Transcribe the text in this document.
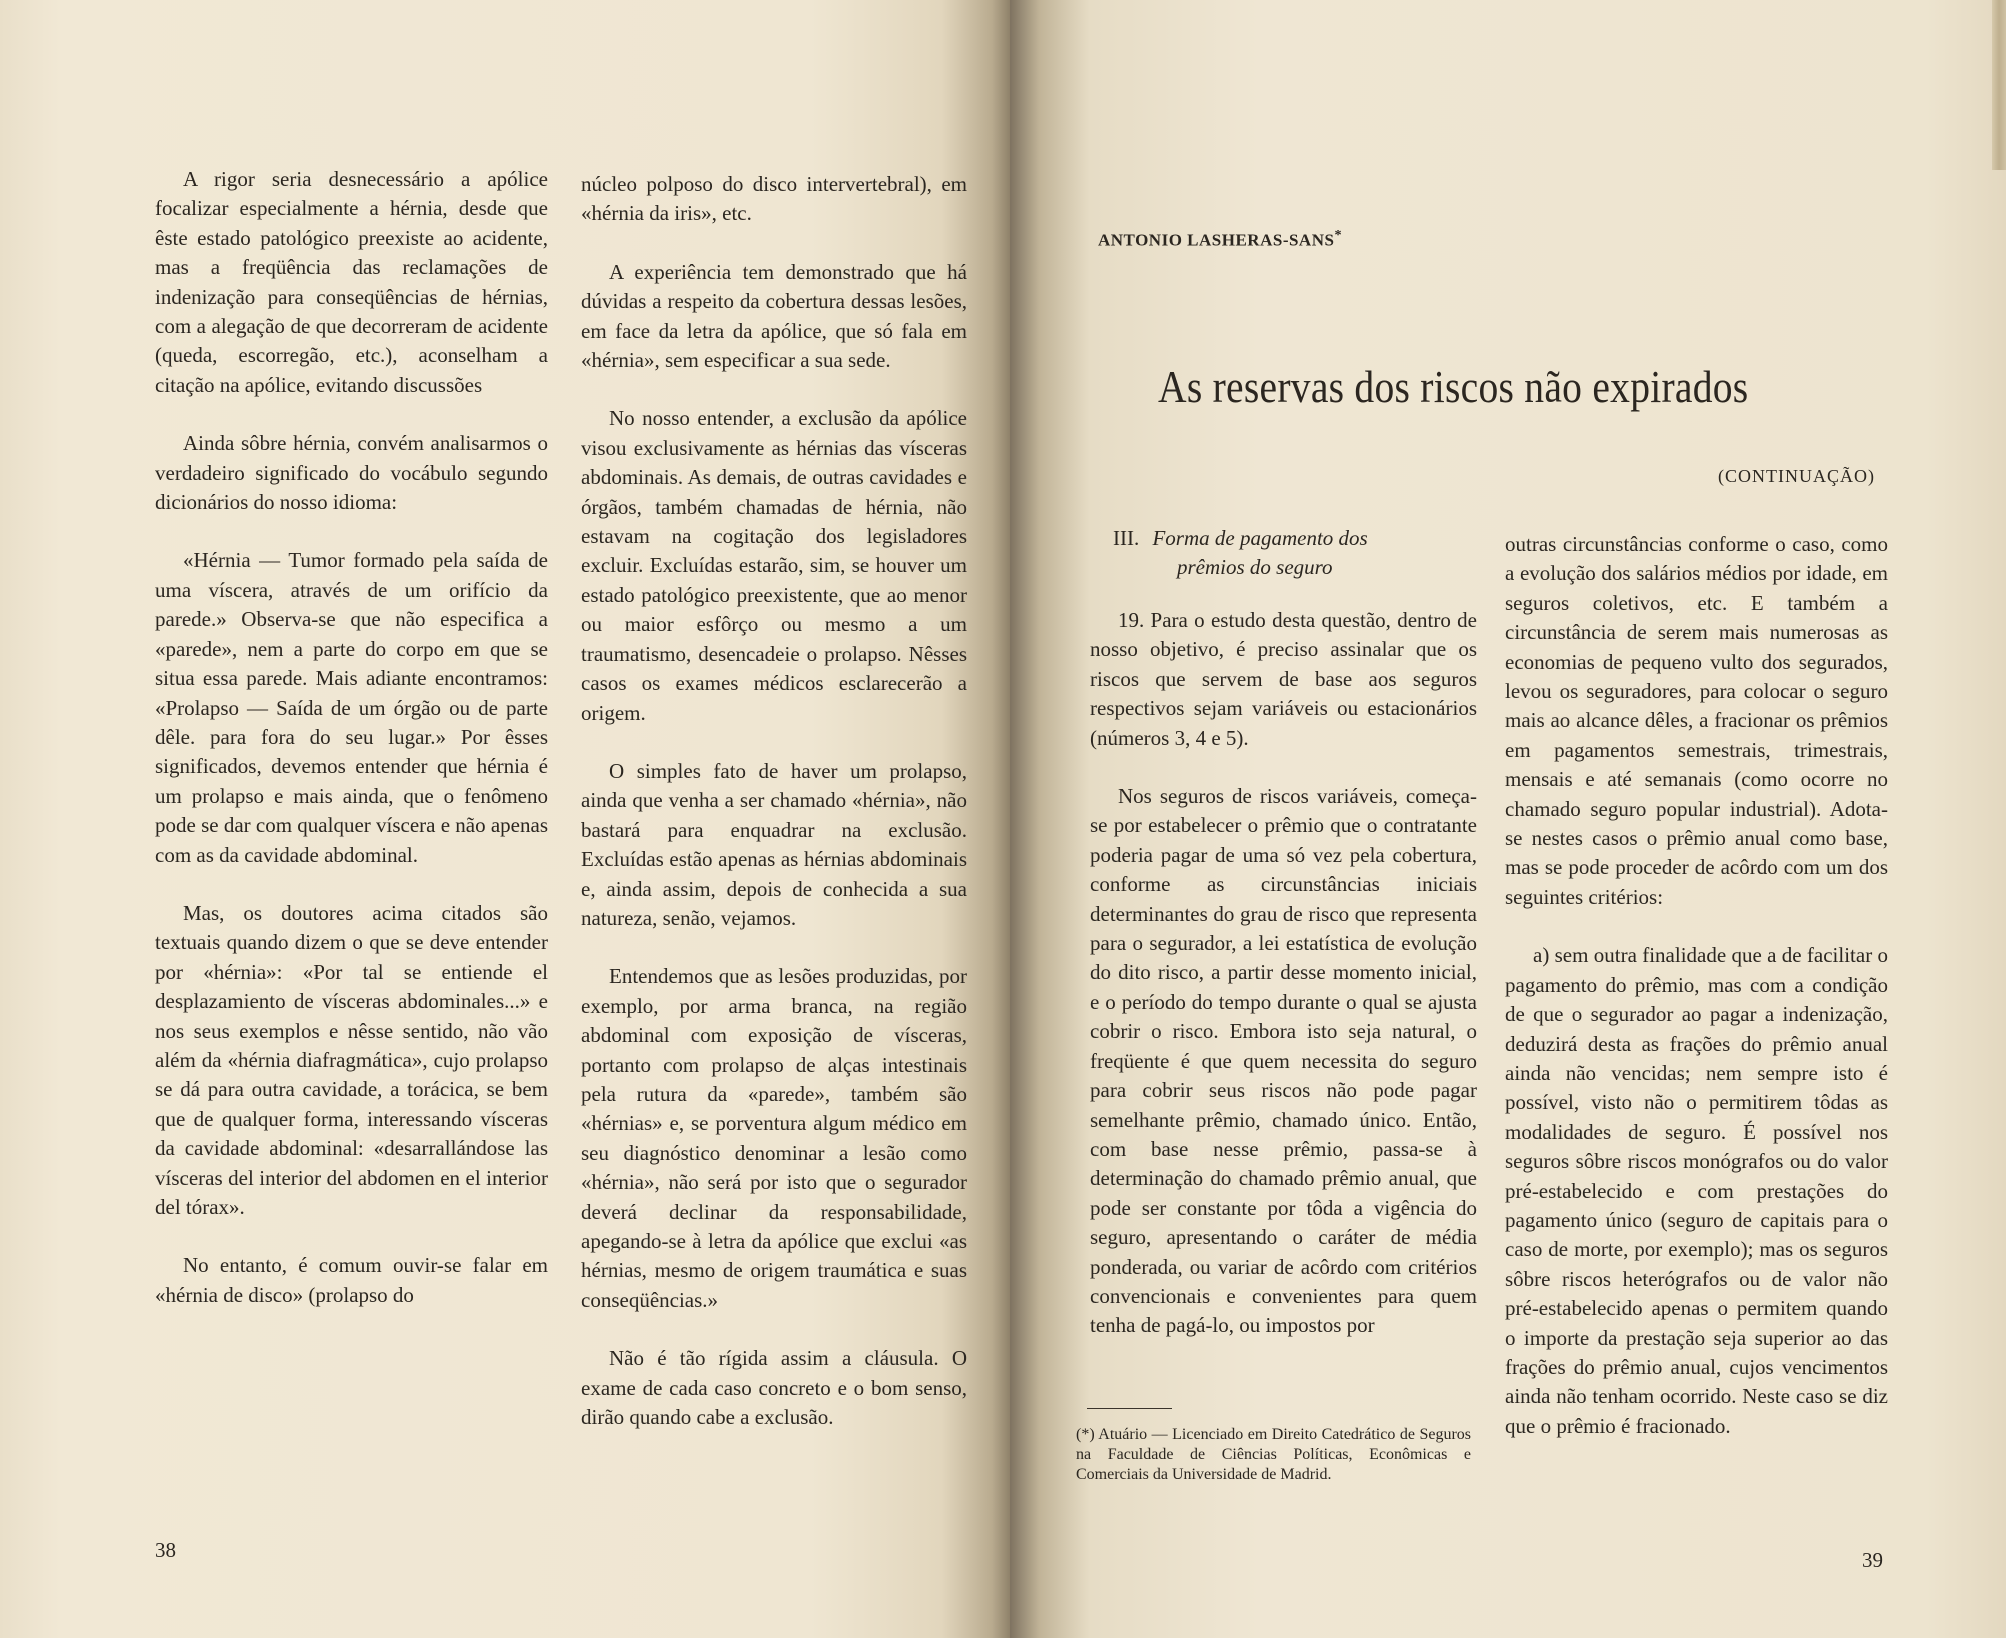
A rigor seria desnecessário a apólice focalizar especialmente a hérnia, desde que êste estado patológico preexiste ao acidente, mas a freqüência das reclamações de indenização para conseqüências de hérnias, com a alegação de que decorreram de acidente (queda, escorregão, etc.), aconselham a citação na apólice, evitando discussões

Ainda sôbre hérnia, convém analisarmos o verdadeiro significado do vocábulo segundo dicionários do nosso idioma:

«Hérnia — Tumor formado pela saída de uma víscera, através de um orifício da parede.» Observa-se que não especifica a «parede», nem a parte do corpo em que se situa essa parede. Mais adiante encontramos: «Prolapso — Saída de um órgão ou de parte dêle. para fora do seu lugar.» Por êsses significados, devemos entender que hérnia é um prolapso e mais ainda, que o fenômeno pode se dar com qualquer víscera e não apenas com as da cavidade abdominal.

Mas, os doutores acima citados são textuais quando dizem o que se deve entender por «hérnia»: «Por tal se entiende el desplazamiento de vísceras abdominales...» e nos seus exemplos e nêsse sentido, não vão além da «hérnia diafragmática», cujo prolapso se dá para outra cavidade, a torácica, se bem que de qualquer forma, interessando vísceras da cavidade abdominal: «desarrallándose las vísceras del interior del abdomen en el interior del tórax».

No entanto, é comum ouvir-se falar em «hérnia de disco» (prolapso do

núcleo polposo do disco intervertebral), em «hérnia da iris», etc.

A experiência tem demonstrado que há dúvidas a respeito da cobertura dessas lesões, em face da letra da apólice, que só fala em «hérnia», sem especificar a sua sede.

No nosso entender, a exclusão da apólice visou exclusivamente as hérnias das vísceras abdominais. As demais, de outras cavidades e órgãos, também chamadas de hérnia, não estavam na cogitação dos legisladores excluir. Excluídas estarão, sim, se houver um estado patológico preexistente, que ao menor ou maior esfôrço ou mesmo a um traumatismo, desencadeie o prolapso. Nêsses casos os exames médicos esclarecerão a origem.

O simples fato de haver um prolapso, ainda que venha a ser chamado «hérnia», não bastará para enquadrar na exclusão. Excluídas estão apenas as hérnias abdominais e, ainda assim, depois de conhecida a sua natureza, senão, vejamos.

Entendemos que as lesões produzidas, por exemplo, por arma branca, na região abdominal com exposição de vísceras, portanto com prolapso de alças intestinais pela rutura da «parede», também são «hérnias» e, se porventura algum médico em seu diagnóstico denominar a lesão como «hérnia», não será por isto que o segurador deverá declinar da responsabilidade, apegando-se à letra da apólice que exclui «as hérnias, mesmo de origem traumática e suas conseqüências.»

Não é tão rígida assim a cláusula. O exame de cada caso concreto e o bom senso, dirão quando cabe a exclusão.

38
ANTONIO LASHERAS-SANS*
As reservas dos riscos não expirados
(CONTINUAÇÃO)
III. Forma de pagamento dos
prêmios do seguro

19. Para o estudo desta questão, dentro de nosso objetivo, é preciso assinalar que os riscos que servem de base aos seguros respectivos sejam variáveis ou estacionários (números 3, 4 e 5).

Nos seguros de riscos variáveis, começa-se por estabelecer o prêmio que o contratante poderia pagar de uma só vez pela cobertura, conforme as circunstâncias iniciais determinantes do grau de risco que representa para o segurador, a lei estatística de evolução do dito risco, a partir desse momento inicial, e o período do tempo durante o qual se ajusta cobrir o risco. Embora isto seja natural, o freqüente é que quem necessita do seguro para cobrir seus riscos não pode pagar semelhante prêmio, chamado único. Então, com base nesse prêmio, passa-se à determinação do chamado prêmio anual, que pode ser constante por tôda a vigência do seguro, apresentando o caráter de média ponderada, ou variar de acôrdo com critérios convencionais e convenientes para quem tenha de pagá-lo, ou impostos por

(*) Atuário — Licenciado em Direito Catedrático de Seguros na Faculdade de Ciências Políticas, Econômicas e Comerciais da Universidade de Madrid.

outras circunstâncias conforme o caso, como a evolução dos salários médios por idade, em seguros coletivos, etc. E também a circunstância de serem mais numerosas as economias de pequeno vulto dos segurados, levou os seguradores, para colocar o seguro mais ao alcance dêles, a fracionar os prêmios em pagamentos semestrais, trimestrais, mensais e até semanais (como ocorre no chamado seguro popular industrial). Adota-se nestes casos o prêmio anual como base, mas se pode proceder de acôrdo com um dos seguintes critérios:

a) sem outra finalidade que a de facilitar o pagamento do prêmio, mas com a condição de que o segurador ao pagar a indenização, deduzirá desta as frações do prêmio anual ainda não vencidas; nem sempre isto é possível, visto não o permitirem tôdas as modalidades de seguro. É possível nos seguros sôbre riscos monógrafos ou do valor pré-estabelecido e com prestações do pagamento único (seguro de capitais para o caso de morte, por exemplo); mas os seguros sôbre riscos heterógrafos ou de valor não pré-estabelecido apenas o permitem quando o importe da prestação seja superior ao das frações do prêmio anual, cujos vencimentos ainda não tenham ocorrido. Neste caso se diz que o prêmio é fracionado.

39
